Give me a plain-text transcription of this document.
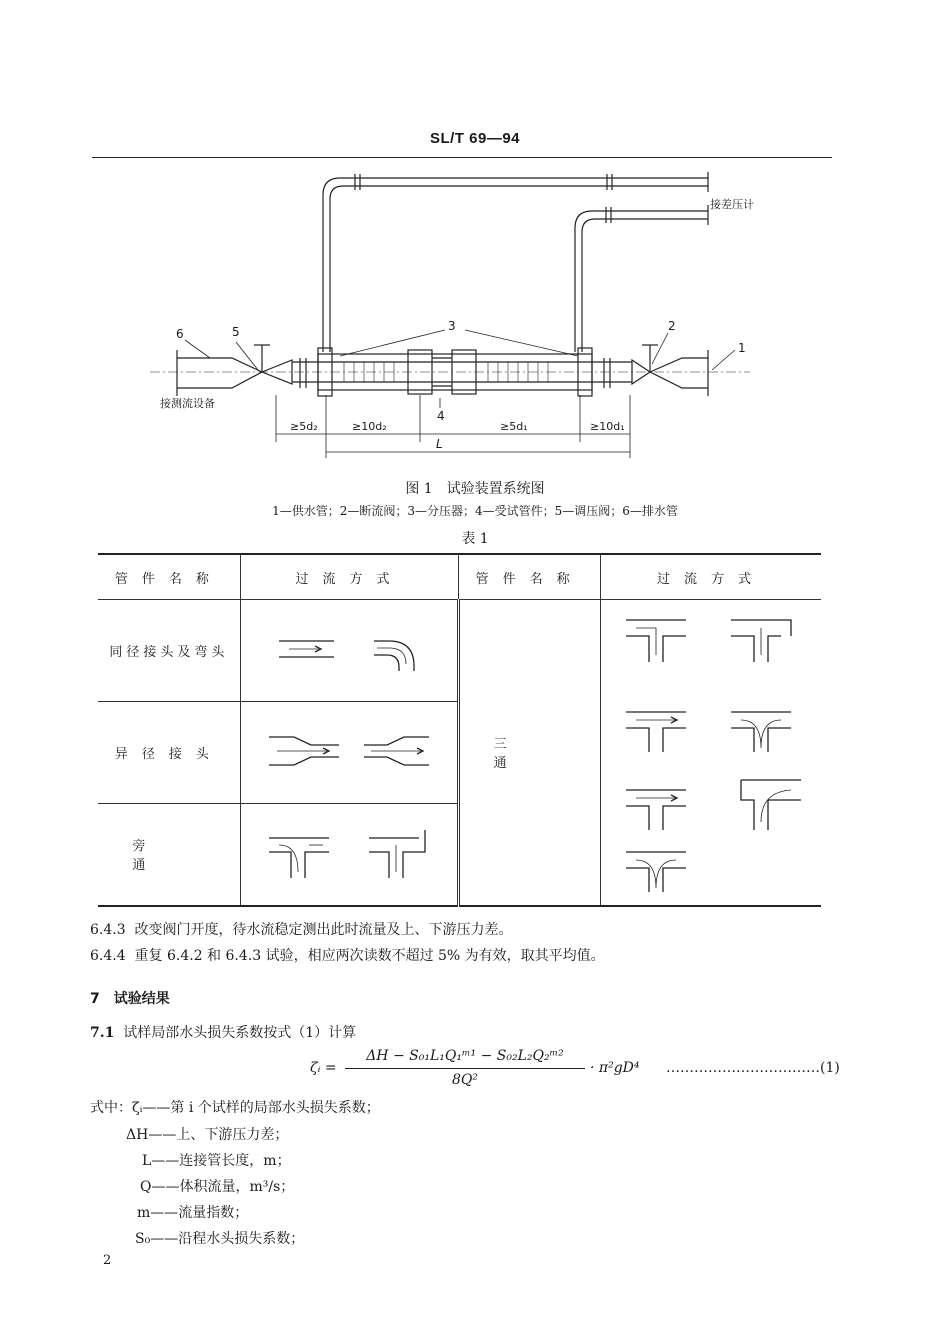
SL/T 69—94
≥5d₂	≥10d₂	≥5d₁	≥10d₁
L
6	5	3	2
1
4
接差压计
接测流设备
图 1　试验装置系统图
1—供水管；2—断流阀；3—分压器；4—受试管件；5—调压阀；6—排水管
表 1
管件名称	过流方式	管件名称	过流方式
同径接头及弯头		三通	
异径接头	
旁通	
6.4.3 改变阀门开度，待水流稳定测出此时流量及上、下游压力差。
6.4.4 重复 6.4.2 和 6.4.3 试验，相应两次读数不超过 5% 为有效，取其平均值。
7　试验结果
7.1 试样局部水头损失系数按式（1）计算
ζᵢ =
ΔH − S₀₁L₁Q₁ᵐ¹ − S₀₂L₂Q₂ᵐ²
8Q²
· π²gD⁴ ……………………………(1)
式中：ζᵢ——第 i 个试样的局部水头损失系数；
ΔH——上、下游压力差；
L——连接管长度，m；
Q——体积流量，m³/s；
m——流量指数；
S₀——沿程水头损失系数；
2
